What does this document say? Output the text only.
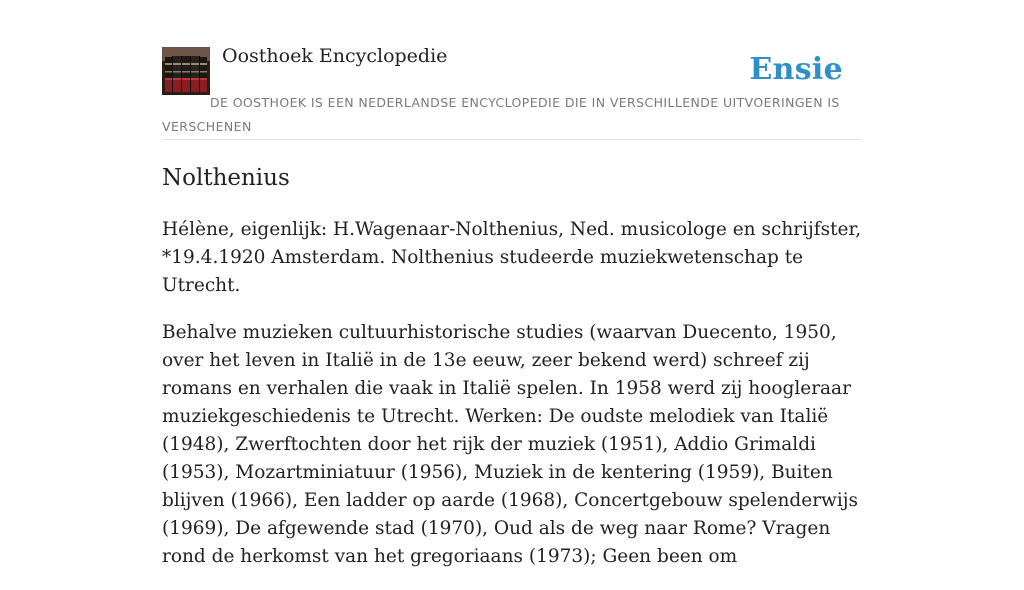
Oosthoek Encyclopedie	Ensie

DE OOSTHOEK IS EEN NEDERLANDSE ENCYCLOPEDIE DIE IN VERSCHILLENDE UITVOERINGEN IS VERSCHENEN

Nolthenius

Hélène, eigenlijk: H.Wagenaar-Nolthenius, Ned. musicologe en schrijfster, *19.4.1920 Amsterdam. Nolthenius studeerde muziekwetenschap te Utrecht.

Behalve muzieken cultuurhistorische studies (waarvan Duecento, 1950, over het leven in Italië in de 13e eeuw, zeer bekend werd) schreef zij romans en verhalen die vaak in Italië spelen. In 1958 werd zij hoogleraar muziekgeschiedenis te Utrecht. Werken: De oudste melodiek van Italië (1948), Zwerftochten door het rijk der muziek (1951), Addio Grimaldi (1953), Mozartminiatuur (1956), Muziek in de kentering (1959), Buiten blijven (1966), Een ladder op aarde (1968), Concertgebouw spelenderwijs (1969), De afgewende stad (1970), Oud als de weg naar Rome? Vragen rond de herkomst van het gregoriaans (1973); Geen been om
